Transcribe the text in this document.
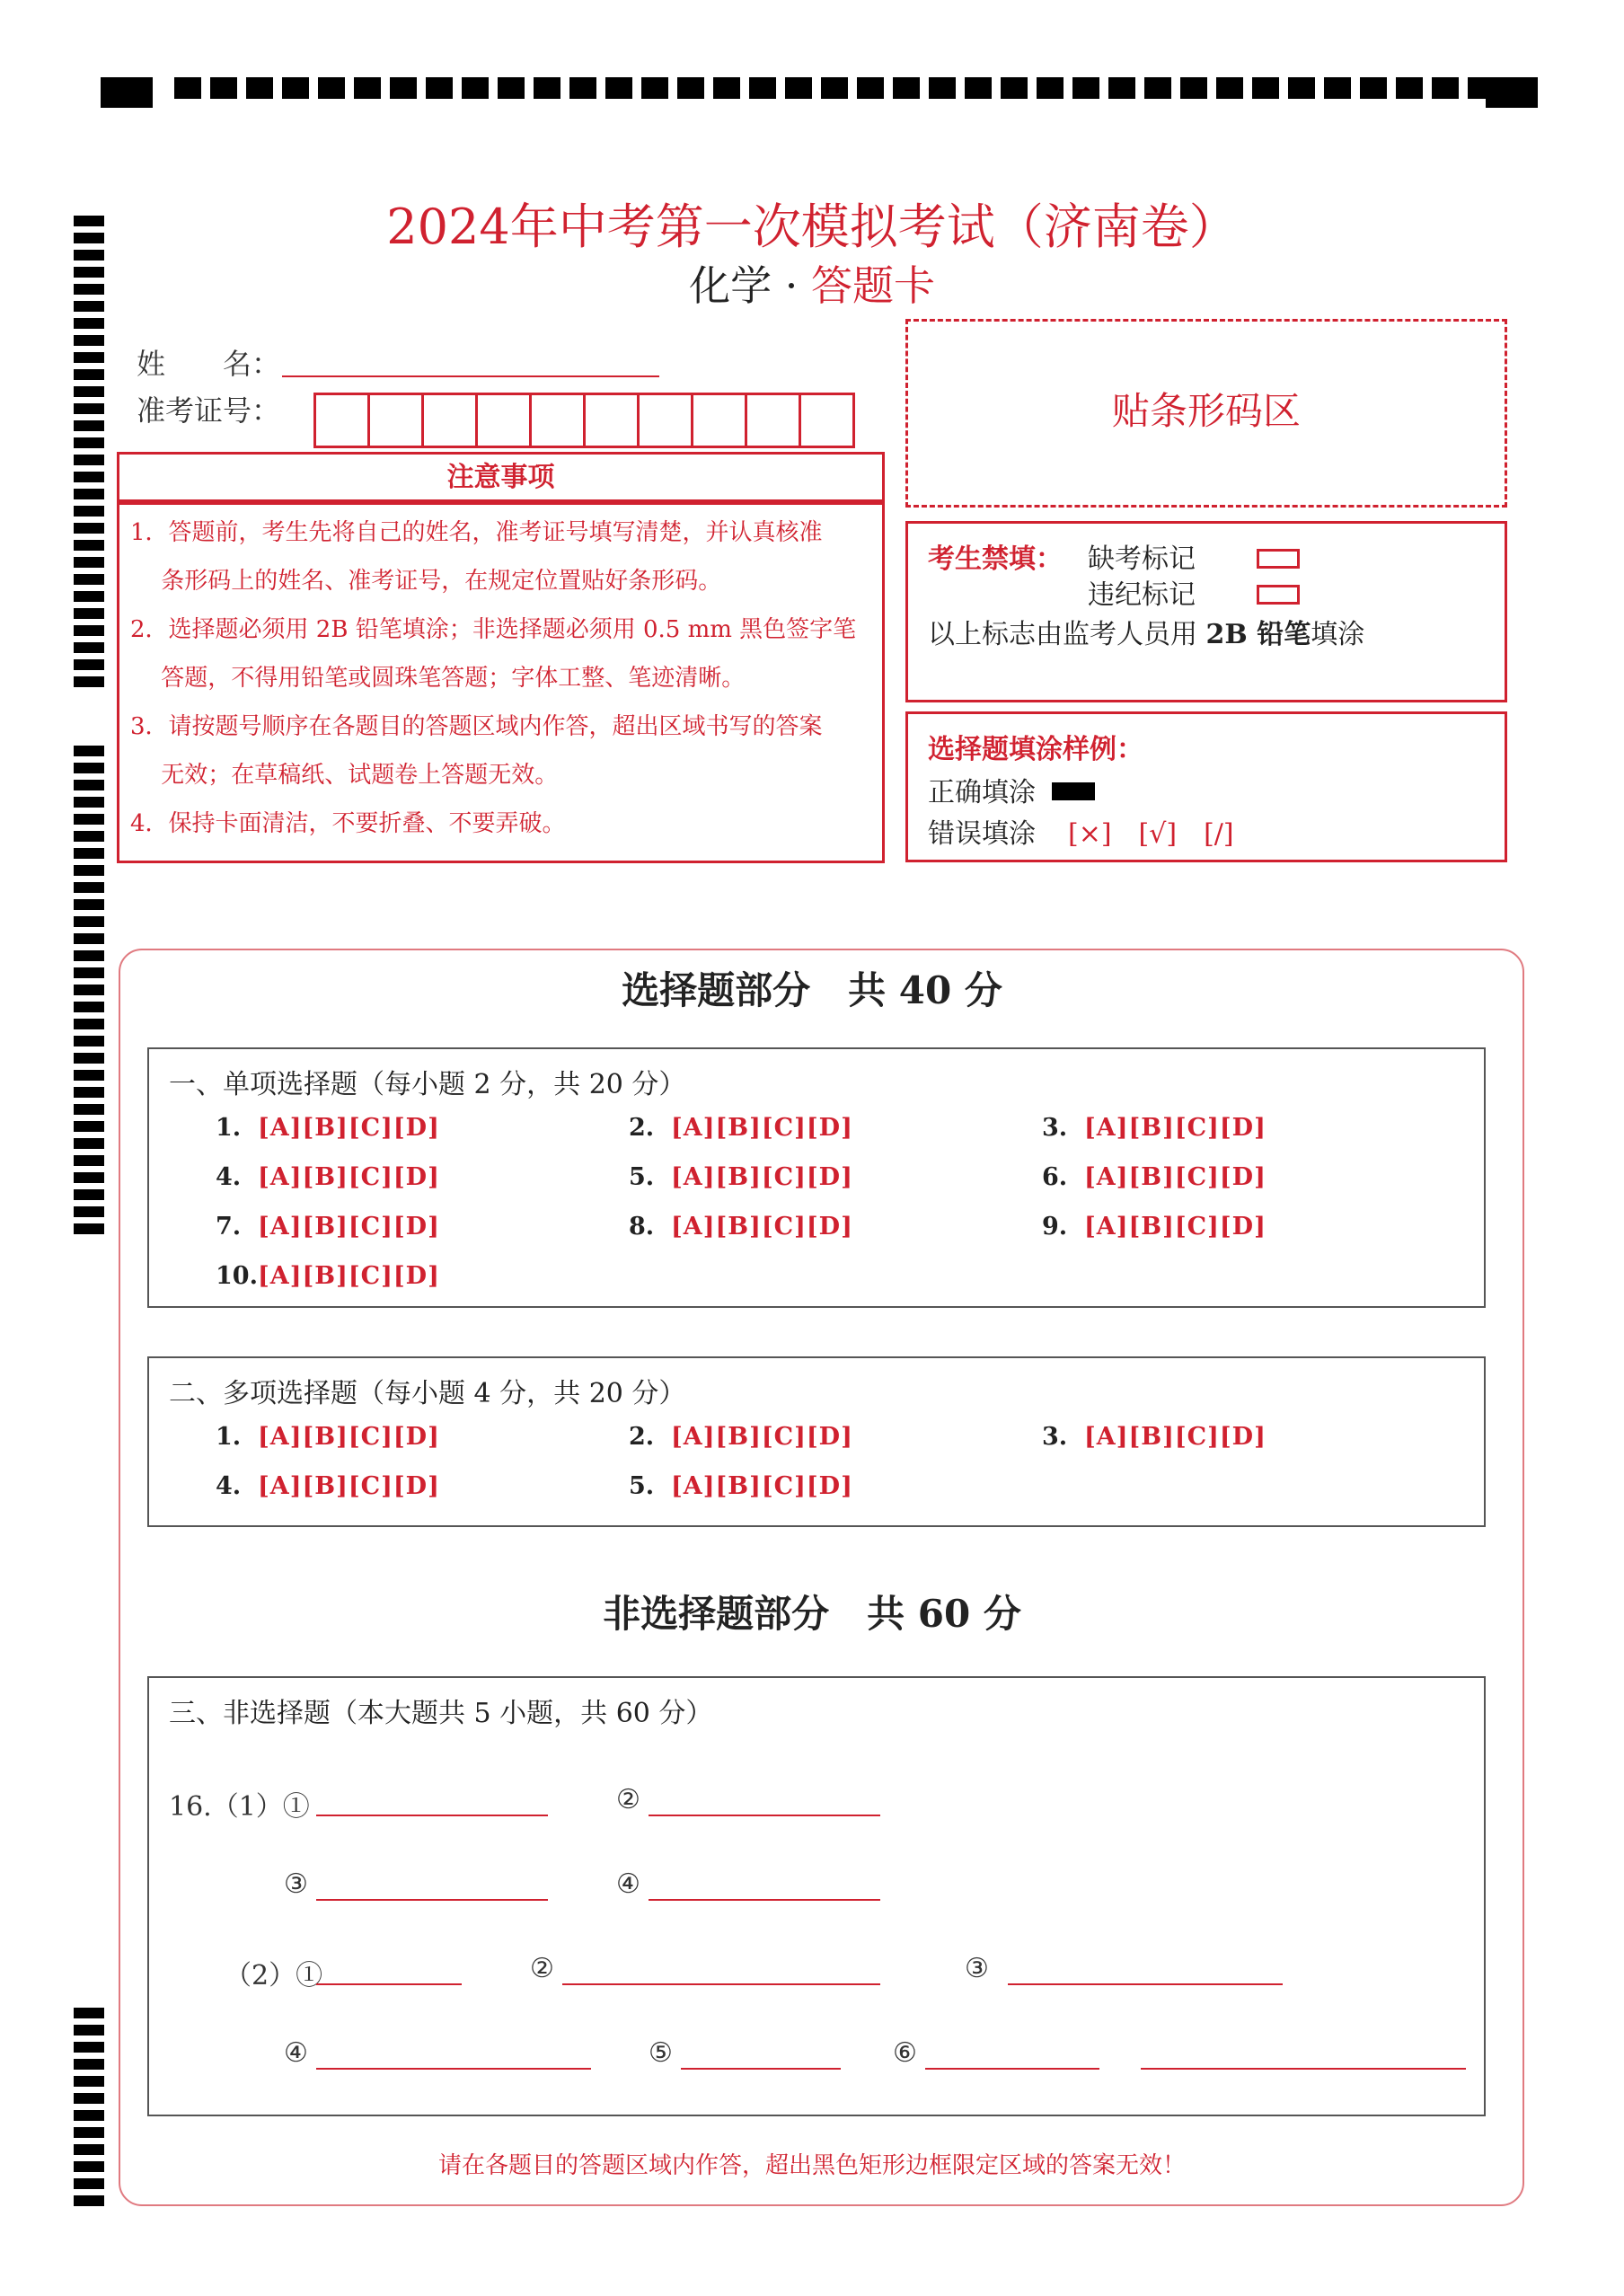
2024年中考第一次模拟考试（济南卷）
化学 · 答题卡
姓　　名：
准考证号：
注意事项
1．答题前，考生先将自己的姓名，准考证号填写清楚，并认真核准
　 条形码上的姓名、准考证号，在规定位置贴好条形码。
2．选择题必须用 2B 铅笔填涂；非选择题必须用 0.5 mm 黑色签字笔
　 答题，不得用铅笔或圆珠笔答题；字体工整、笔迹清晰。
3．请按题号顺序在各题目的答题区域内作答，超出区域书写的答案
　 无效；在草稿纸、试题卷上答题无效。
4．保持卡面清洁，不要折叠、不要弄破。
贴条形码区
考生禁填： 缺考标记
违纪标记
以上标志由监考人员用 2B 铅笔填涂
选择题填涂样例：
正确填涂
错误填涂 [×]　[√]　[/]
选择题部分　共 40 分
一、单项选择题（每小题 2 分，共 20 分）
1. [A][B][C][D]	2. [A][B][C][D]	3. [A][B][C][D]
4. [A][B][C][D]	5. [A][B][C][D]	6. [A][B][C][D]
7. [A][B][C][D]	8. [A][B][C][D]	9. [A][B][C][D]
10.[A][B][C][D]
二、多项选择题（每小题 4 分，共 20 分）
1. [A][B][C][D]	2. [A][B][C][D]	3. [A][B][C][D]
4. [A][B][C][D]	5. [A][B][C][D]
非选择题部分　共 60 分
三、非选择题（本大题共 5 小题，共 60 分）
16.（1）①	②
③	④
（2）①	②	③
④	⑤	⑥
请在各题目的答题区域内作答，超出黑色矩形边框限定区域的答案无效！
